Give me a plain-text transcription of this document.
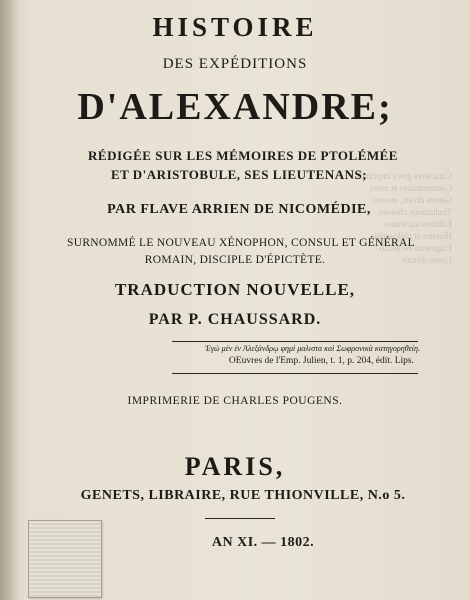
Caractères grecs imprimés
Commentaires et notes
Genres divers, œuvres
Traductions choisies
Éditions anciennes
Histoire et philosophie
Fragments recueillis
Livres d'étude
HISTOIRE
DES EXPÉDITIONS
D'ALEXANDRE;
RÉDIGÉE SUR LES MÉMOIRES DE PTOLÉMÉE
ET D'ARISTOBULE, SES LIEUTENANS;
PAR FLAVE ARRIEN DE NICOMÉDIE,
SURNOMMÉ LE NOUVEAU XÉNOPHON, CONSUL ET GÉNÉRAL
ROMAIN, DISCIPLE D'ÉPICTÈTE.
TRADUCTION NOUVELLE,
PAR P. CHAUSSARD.
Ἐγὼ μὲν ἐν Ἀλεξάνδρῳ φημὶ μαλιστα καὶ Σωφρονικὰ κατηγορηθείη.
OEuvres de l'Emp. Julien, t. 1, p. 204, édit. Lips.
IMPRIMERIE DE CHARLES POUGENS.
PARIS,
GENETS, LIBRAIRE, RUE THIONVILLE, N.o 5.
AN XI. — 1802.
